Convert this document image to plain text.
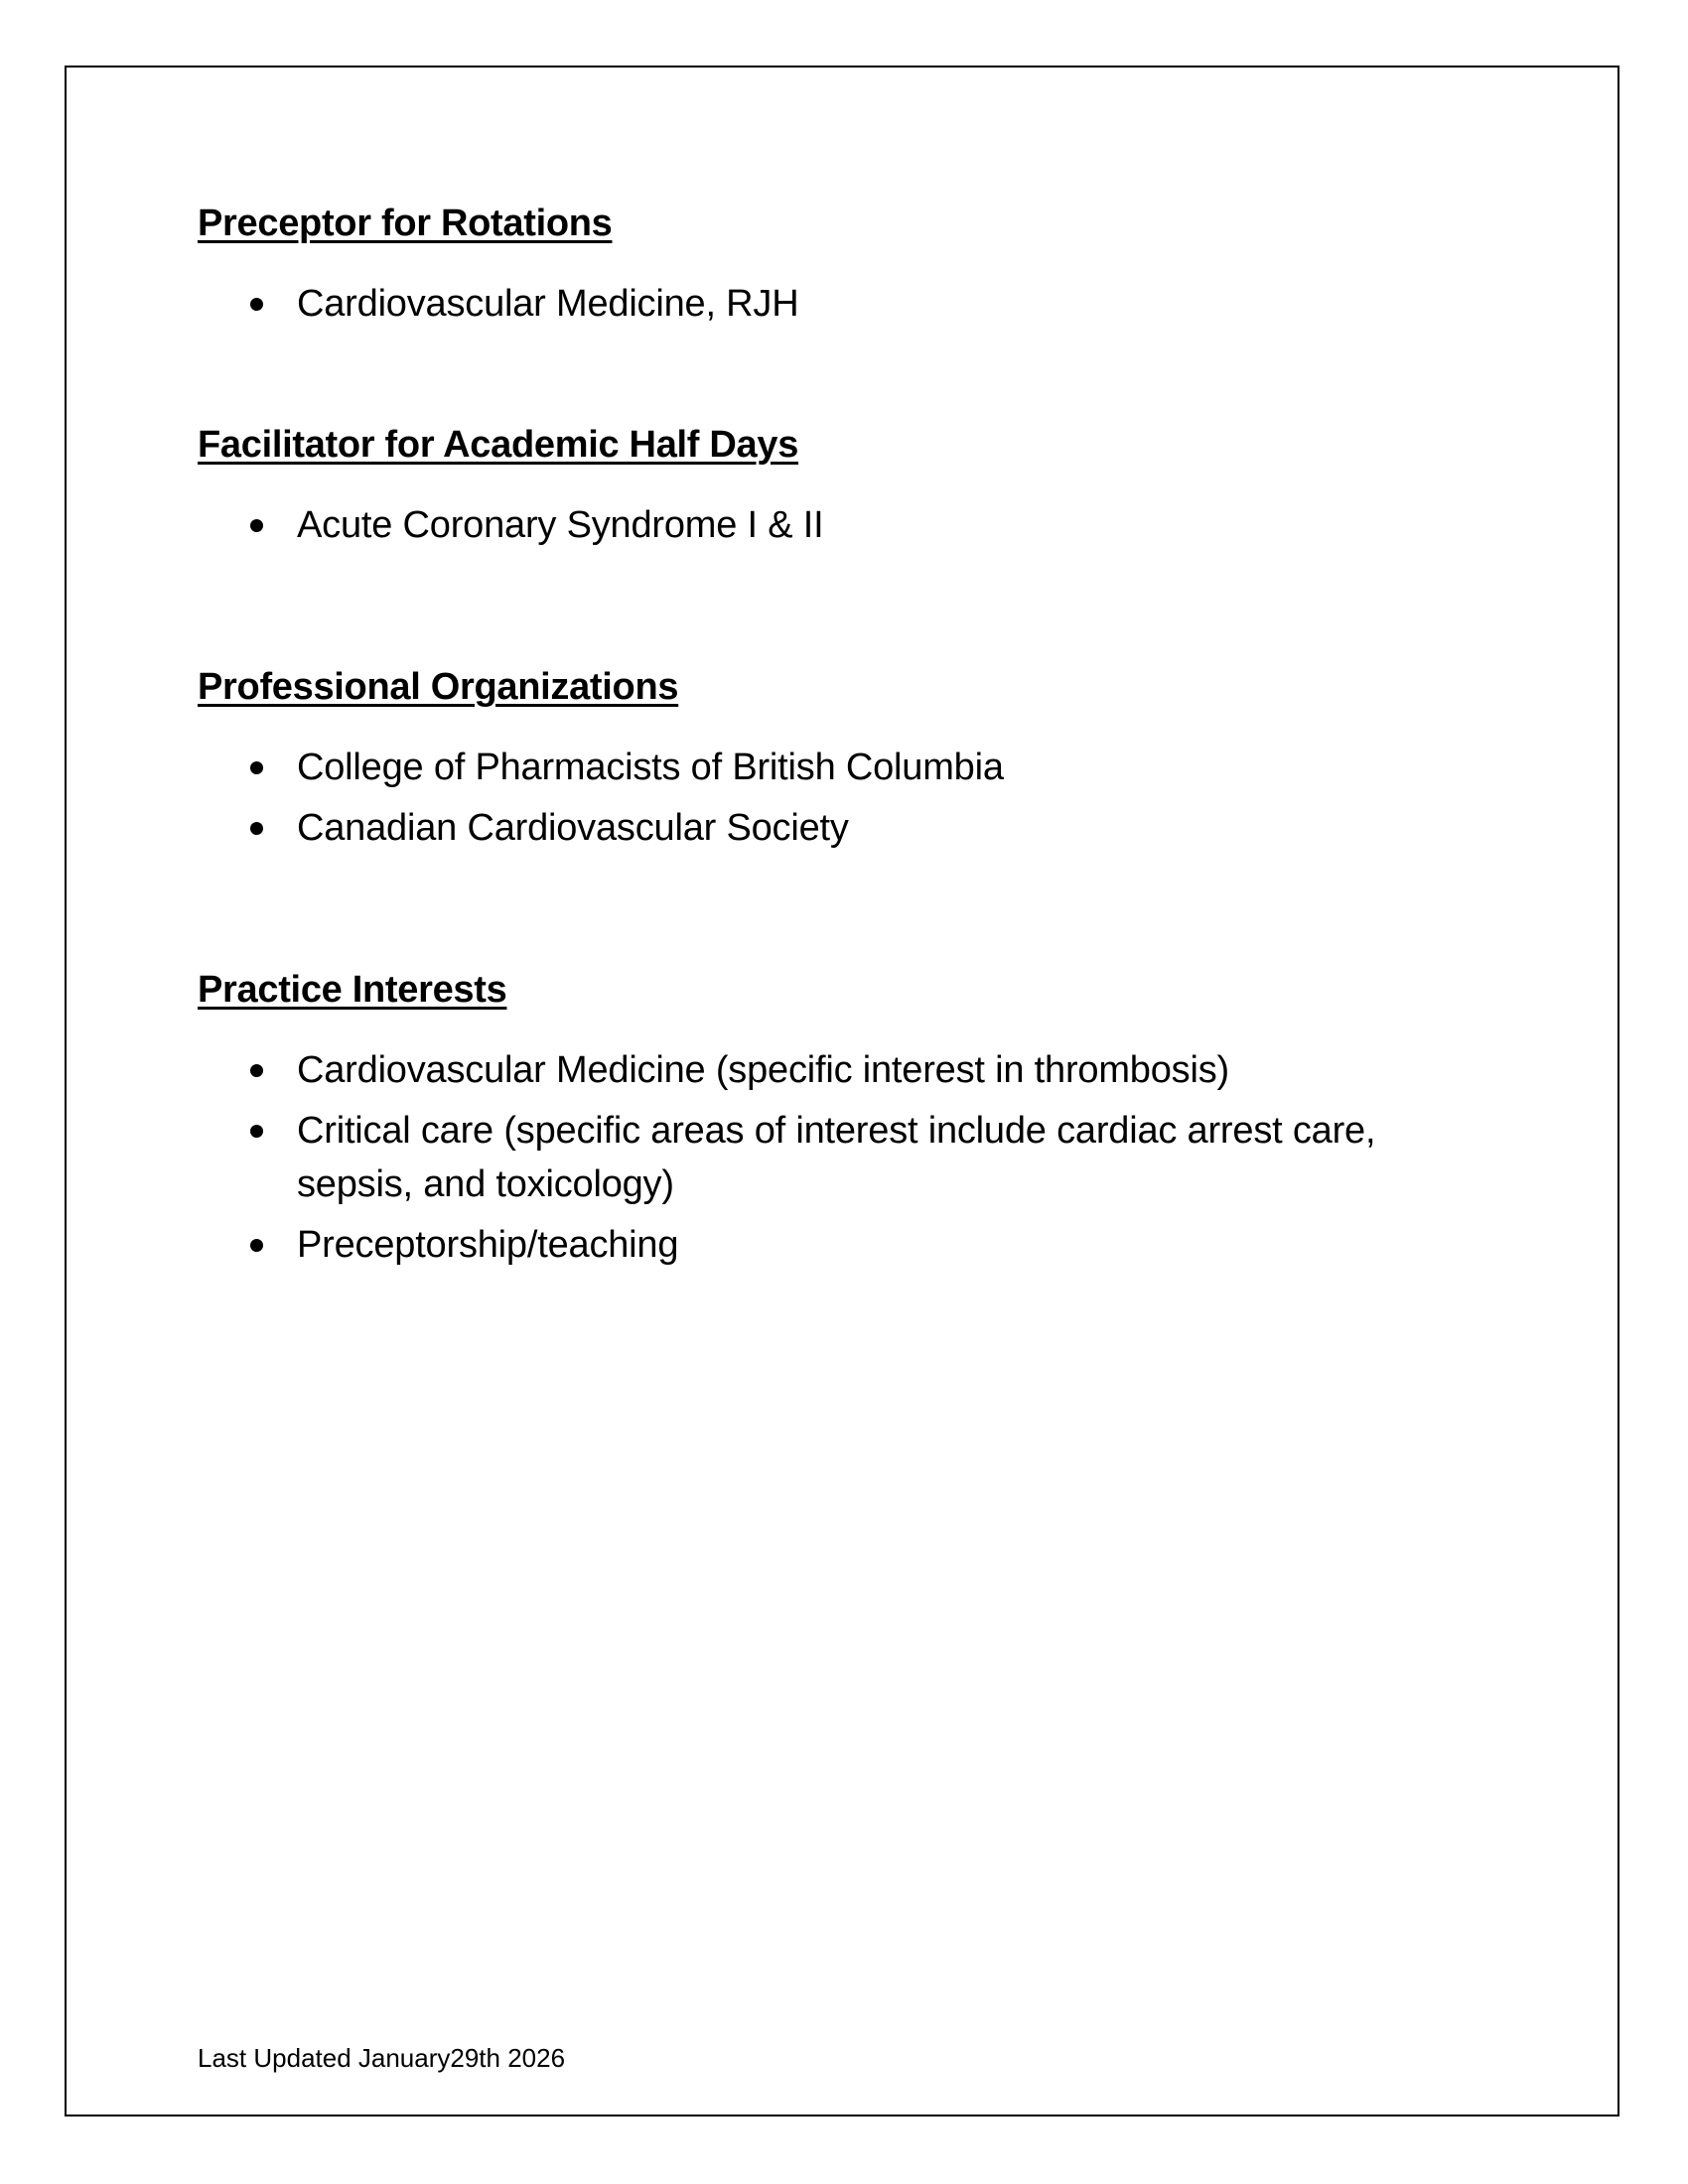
Preceptor for Rotations
Cardiovascular Medicine, RJH
Facilitator for Academic Half Days
Acute Coronary Syndrome I & II
Professional Organizations
College of Pharmacists of British Columbia
Canadian Cardiovascular Society
Practice Interests
Cardiovascular Medicine (specific interest in thrombosis)
Critical care (specific areas of interest include cardiac arrest care, sepsis, and toxicology)
Preceptorship/teaching
Last Updated January29th 2026
